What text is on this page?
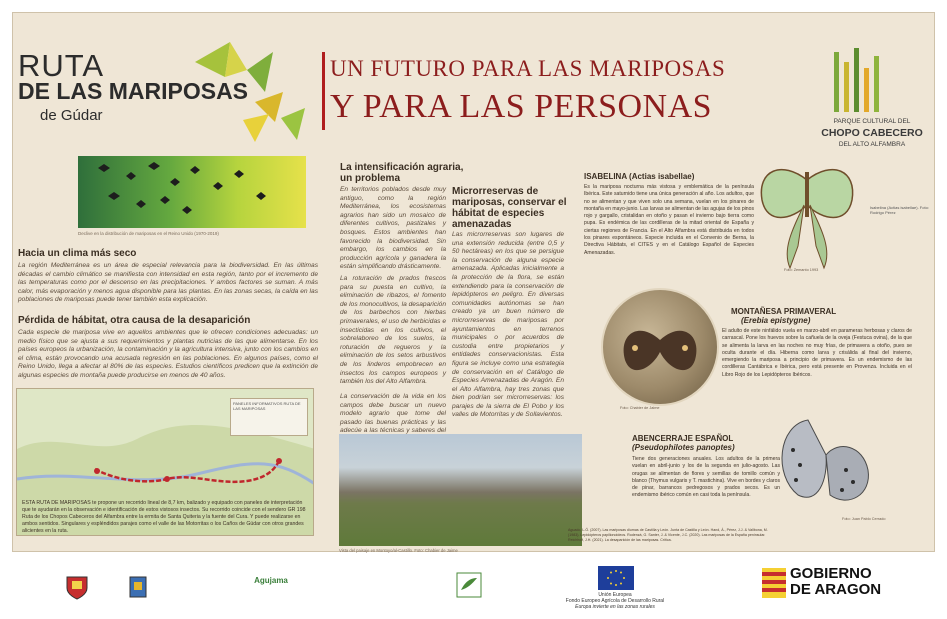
RUTA
DE LAS MARIPOSAS
de Gúdar
UN FUTURO PARA LAS MARIPOSAS
Y PARA LAS PERSONAS	PARQUE CULTURAL DEL
CHOPO CABECERO
DEL ALTO ALFAMBRA
Declive en la distribución de mariposas en el Reino Unido (1970-2019)
Hacia un clima más seco
La región Mediterránea es un área de especial relevancia para la biodiversidad. En las últimas décadas el cambio climático se manifiesta con intensidad en esta región, tanto por el incremento de las temperaturas como por el descenso en las precipitaciones. Y ambos factores se suman. A más calor, más evaporación y menos agua disponible para las plantas. En las zonas secas, la caída en las poblaciones de mariposas puede tener también esta explicación.
Pérdida de hábitat, otra causa de la desaparición
Cada especie de mariposa vive en aquellos ambientes que le ofrecen condiciones adecuadas: un medio físico que se ajusta a sus requerimientos y plantas nutricias de las que alimentarse. En los países europeos la urbanización, la contaminación y la agricultura intensiva, junto con los cambios en el clima, están provocando una acusada regresión en las poblaciones. En algunos países, como el Reino Unido, llega a afectar al 80% de las especies. Estudios científicos predicen que la extinción de algunas especies de montaña puede producirse en menos de 40 años.
PANELES INFORMATIVOS RUTA DE LAS MARIPOSAS
ESTA RUTA DE MARIPOSAS te propone un recorrido lineal de 8,7 km, balizado y equipado con paneles de interpretación que te ayudarán en la observación e identificación de estos vistosos insectos. Su recorrido coincide con el sendero GR 198 Ruta de los Chopos Cabeceros del Alfambra entre la ermita de Santa Quiteria y la fuente del Cura. Y puede realizarse en ambos sentidos. Singulares y espléndidos parajes como el valle de las Motorritas o los Caños de Gúdar con otros grandes alicientes en la ruta.
La intensificación agraria, un problema
En territorios poblados desde muy antiguo, como la región Mediterránea, los ecosistemas agrarios han sido un mosaico de diferentes cultivos, pastizales y bosques. Estos ambientes han favorecido la biodiversidad. Sin embargo, los cambios en la producción agrícola y ganadera la están simplificando drásticamente.
La roturación de prados frescos para su puesta en cultivo, la eliminación de ribazos, el fomento de los monocultivos, la desaparición de los barbechos con hierbas primaverales, el uso de herbicidas e insecticidas en los cultivos, el sobrelaboreo de los suelos, la roturación de regueros y la eliminación de los setos arbustivos de los linderos empobrecen en insectos los campos europeos y también los del Alto Alfambra.
La conservación de la vida en los campos debe buscar un nuevo modelo agrario que tome del pasado las buenas prácticas y las adecúe a las técnicas y saberes del
Vista del paisaje en Montoyo/al-Castillo. Foto: Chabier de Jaime
Microrreservas de mariposas, conservar el hábitat de especies amenazadas
Las microrreservas son lugares de una extensión reducida (entre 0,5 y 50 hectáreas) en los que se persigue la conservación de alguna especie amenazada. Aplicadas inicialmente a la protección de la flora, se están extendiendo para la conservación de lepidópteros en peligro. En diversas comunidades autónomas se han creado ya un buen número de microrreservas de mariposas por ayuntamientos en terrenos municipales o por acuerdos de custodia entre propietarios y entidades conservacionistas. Esta figura se incluye como una estrategia de conservación en el Catálogo de Especies Amenazadas de Aragón. En el Alto Alfambra, hay tres zonas que bien podrían ser microrreservas: los parajes de la sierra de El Pobo y los valles de Motorritas y de Sollavientos.
ISABELINA (Actias isabellae)
Es la mariposa nocturna más vistosa y emblemática de la península Ibérica. Este saturnido tiene una única generación al año. Los adultos, que no se alimentan y que viven solo una semana, vuelan en los pinares de montaña en mayo-junio. Las larvas se alimentan de las agujas de los pinos rojo y gargallo, cristalidan en otoño y pasan el invierno bajo tierra como pupa. Es endémica de las cordilleras de la mitad oriental de España y ciertas regiones de Francia. En el Alto Alfambra está distribuida en todos los pinares espontáneos. Especie incluida en el Convenio de Berna, la Directiva Hábitats, el CITES y en el Catálogo Español de Especies Amenazadas.
Isabelina (Actias isabellae). Foto: Rodrigo Pérez
Foto: Zemanto 1993
Foto: Chabier de Jaime
MONTAÑESA PRIMAVERAL
(Erebia epistygne)
El adulto de este ninfálido vuela en marzo-abril en parameras herbosas y claros de carrascal. Pone los huevos sobre la cañuela de la oveja (Festuca ovina), de la que se alimenta la larva en las noches no muy frías, de primavera a otoño, pues se oculta durante el día. Hiberna como larva y crisálida al final del invierno, emergiendo la mariposa a principio de primavera. Es un endemismo de las cordilleras Cantábrica e Ibérica, pero está presente en Provenza. Incluida en el Libro Rojo de los Lepidópteros Ibéricos.
ABENCERRAJE ESPAÑOL
(Pseudophilotes panoptes)
Tiene dos generaciones anuales. Los adultos de la primera vuelan en abril-junio y los de la segunda en julio-agosto. Las orugas se alimentan de flores y semillas de tomillo común y blanco (Thymus vulgaris y T. mastichina). Vive en bordes y claros de pinar, barrancos pedregosos y prados secos. Es un endemismo ibérico común en casi toda la península.
Foto: Juan Pablo Cerrado
Aguado, L.Ó. (2007). Las mariposas diurnas de Castilla y León. Junta de Castilla y León. Hand, Á., Pérez, J.J. & Vallbona, M. (1983). Lepidópteros papilionoideos. Rodenzá, G. Santer, J. & Vicente, J.C. (2020). Las mariposas de la España peninsular. Reichholf, J.H. (2021). La desaparición de las mariposas. Crítica.
Agujama
Unión Europea
Fondo Europeo Agrícola de Desarrollo Rural
Europa invierte en las zonas rurales
GOBIERNO
DE ARAGON
